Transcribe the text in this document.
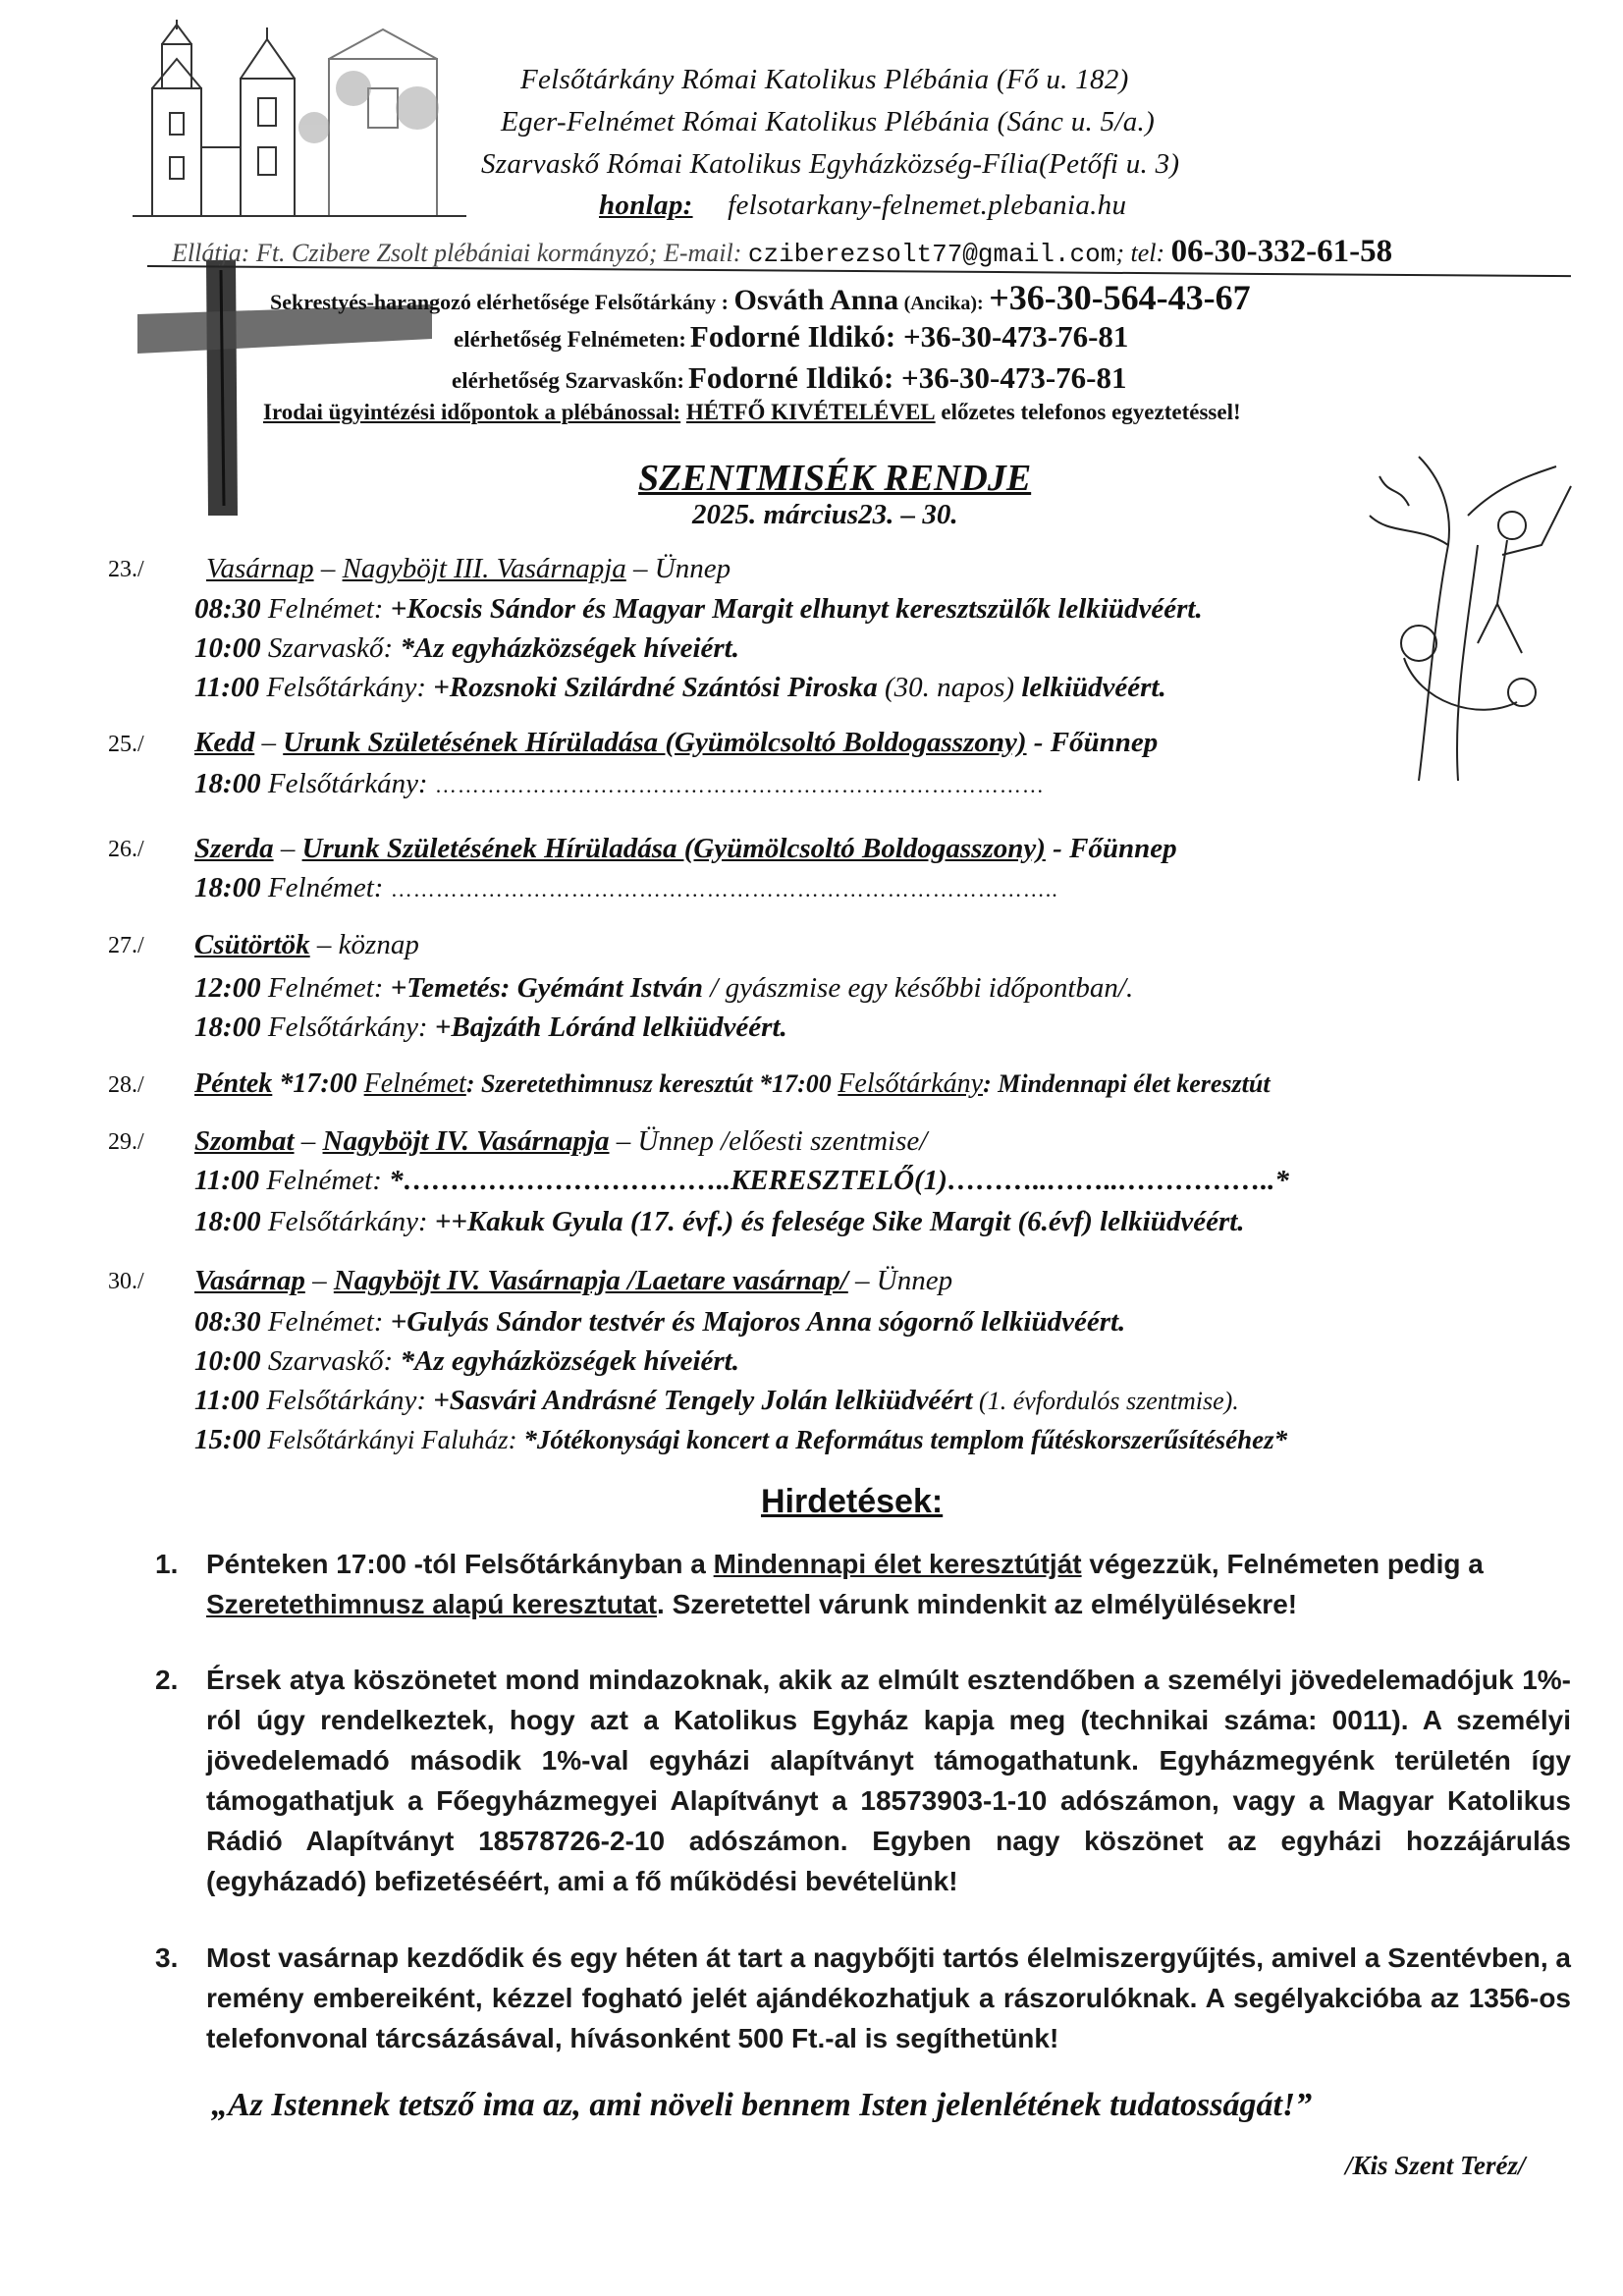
Felsőtárkány Római Katolikus Plébánia (Fő u. 182)
Eger-Felnémet Római Katolikus Plébánia (Sánc u. 5/a.)
Szarvaskő Római Katolikus Egyházközség-Fília(Petőfi u. 3)
honlap: felsotarkany-felnemet.plebania.hu
Ellátja: Ft. Czibere Zsolt plébániai kormányzó; E-mail: cziberezsolt77@gmail.com; tel: 06-30-332-61-58
Sekrestyés-harangozó elérhetősége Felsőtárkány : Osváth Anna (Ancika): +36-30-564-43-67
elérhetőség Felnémeten: Fodorné Ildikó: +36-30-473-76-81
elérhetőség Szarvaskőn: Fodorné Ildikó: +36-30-473-76-81
Irodai ügyintézési időpontok a plébánossal: HÉTFŐ KIVÉTELÉVEL előzetes telefonos egyeztetéssel!
SZENTMISÉK RENDJE
2025. március23. – 30.
23./ Vasárnap – Nagyböjt III. Vasárnapja – Ünnep
08:30 Felnémet: +Kocsis Sándor és Magyar Margit elhunyt keresztszülők lelkiüdvéért.
10:00 Szarvaskő: *Az egyházközségek híveiért.
11:00 Felsőtárkány: +Rozsnoki Szilárdné Szántósi Piroska (30. napos) lelkiüdvéért.
25./ Kedd – Urunk Születésének Hírüladása (Gyümölcsoltó Boldogasszony) - Főünnep
18:00 Felsőtárkány: ………………………………………………………………………
26./ Szerda – Urunk Születésének Hírüladása (Gyümölcsoltó Boldogasszony) - Főünnep
18:00 Felnémet: ……………………………………………………………………………..
27./ Csütörtök – köznap
12:00 Felnémet: +Temetés: Gyémánt István / gyászmise egy későbbi időpontban/.
18:00 Felsőtárkány: +Bajzáth Lóránd lelkiüdvéért.
28./ Péntek *17:00 Felnémet: Szeretethimnusz keresztút *17:00 Felsőtárkány: Mindennapi élet keresztút
29./ Szombat – Nagyböjt IV. Vasárnapja – Ünnep /előesti szentmise/
11:00 Felnémet: *……………………………..KERESZTELŐ(1)………..……..……………..*
18:00 Felsőtárkány: ++Kakuk Gyula (17. évf.) és felesége Sike Margit (6.évf) lelkiüdvéért.
30./ Vasárnap – Nagyböjt IV. Vasárnapja /Laetare vasárnap/ – Ünnep
08:30 Felnémet: +Gulyás Sándor testvér és Majoros Anna sógornő lelkiüdvéért.
10:00 Szarvaskő: *Az egyházközségek híveiért.
11:00 Felsőtárkány: +Sasvári Andrásné Tengely Jolán lelkiüdvéért (1. évfordulós szentmise).
15:00 Felsőtárkányi Faluház: *Jótékonysági koncert a Református templom fűtéskorszerűsítéséhez*
Hirdetések:
1. Pénteken 17:00 -tól Felsőtárkányban a Mindennapi élet keresztútját végezzük, Felnémeten pedig a Szeretethimnusz alapú keresztutat. Szeretettel várunk mindenkit az elmélyülésekre!
2. Érsek atya köszönetet mond mindazoknak, akik az elmúlt esztendőben a személyi jövedelemadójuk 1%-ról úgy rendelkeztek, hogy azt a Katolikus Egyház kapja meg (technikai száma: 0011). A személyi jövedelemadó második 1%-val egyházi alapítványt támogathatunk. Egyházmegyénk területén így támogathatjuk a Főegyházmegyei Alapítványt a 18573903-1-10 adószámon, vagy a Magyar Katolikus Rádió Alapítványt 18578726-2-10 adószámon. Egyben nagy köszönet az egyházi hozzájárulás (egyházadó) befizetéséért, ami a fő működési bevételünk!
3. Most vasárnap kezdődik és egy héten át tart a nagybőjti tartós élelmiszergyűjtés, amivel a Szentévben, a remény embereiként, kézzel fogható jelét ajándékozhatjuk a rászorulóknak. A segélyakcióba az 1356-os telefonvonal tárcsázásával, hívásonként 500 Ft.-al is segíthetünk!
„Az Istennek tetsző ima az, ami növeli bennem Isten jelenlétének tudatosságát!”
/Kis Szent Teréz/
